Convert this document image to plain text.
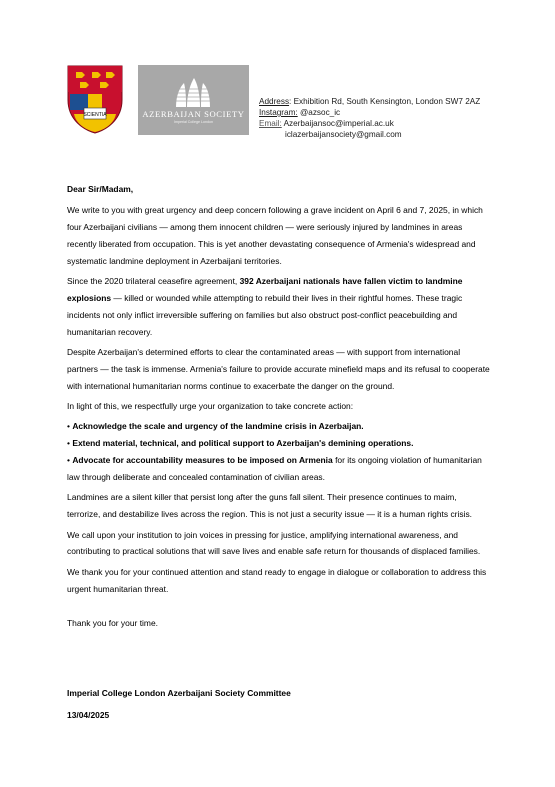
SCIENTIA	AZERBAIJAN SOCIETY
Imperial College London
Address: Exhibition Rd, South Kensington, London SW7 2AZ
Instagram: @azsoc_ic
Email: Azerbaijansoc@imperial.ac.uk
iclazerbaijansociety@gmail.com

Dear Sir/Madam,

We write to you with great urgency and deep concern following a grave incident on April 6 and 7, 2025, in which four Azerbaijani civilians — among them innocent children — were seriously injured by landmines in areas recently liberated from occupation. This is yet another devastating consequence of Armenia's widespread and systematic landmine deployment in Azerbaijani territories.

Since the 2020 trilateral ceasefire agreement, 392 Azerbaijani nationals have fallen victim to landmine explosions — killed or wounded while attempting to rebuild their lives in their rightful homes. These tragic incidents not only inflict irreversible suffering on families but also obstruct post-conflict peacebuilding and humanitarian recovery.

Despite Azerbaijan's determined efforts to clear the contaminated areas — with support from international partners — the task is immense. Armenia's failure to provide accurate minefield maps and its refusal to cooperate with international humanitarian norms continue to exacerbate the danger on the ground.

In light of this, we respectfully urge your organization to take concrete action:

• Acknowledge the scale and urgency of the landmine crisis in Azerbaijan.

• Extend material, technical, and political support to Azerbaijan's demining operations.

• Advocate for accountability measures to be imposed on Armenia for its ongoing violation of humanitarian law through deliberate and concealed contamination of civilian areas.

Landmines are a silent killer that persist long after the guns fall silent. Their presence continues to maim, terrorize, and destabilize lives across the region. This is not just a security issue — it is a human rights crisis.

We call upon your institution to join voices in pressing for justice, amplifying international awareness, and contributing to practical solutions that will save lives and enable safe return for thousands of displaced families.

We thank you for your continued attention and stand ready to engage in dialogue or collaboration to address this urgent humanitarian threat.

Thank you for your time.

Imperial College London Azerbaijani Society Committee
13/04/2025
